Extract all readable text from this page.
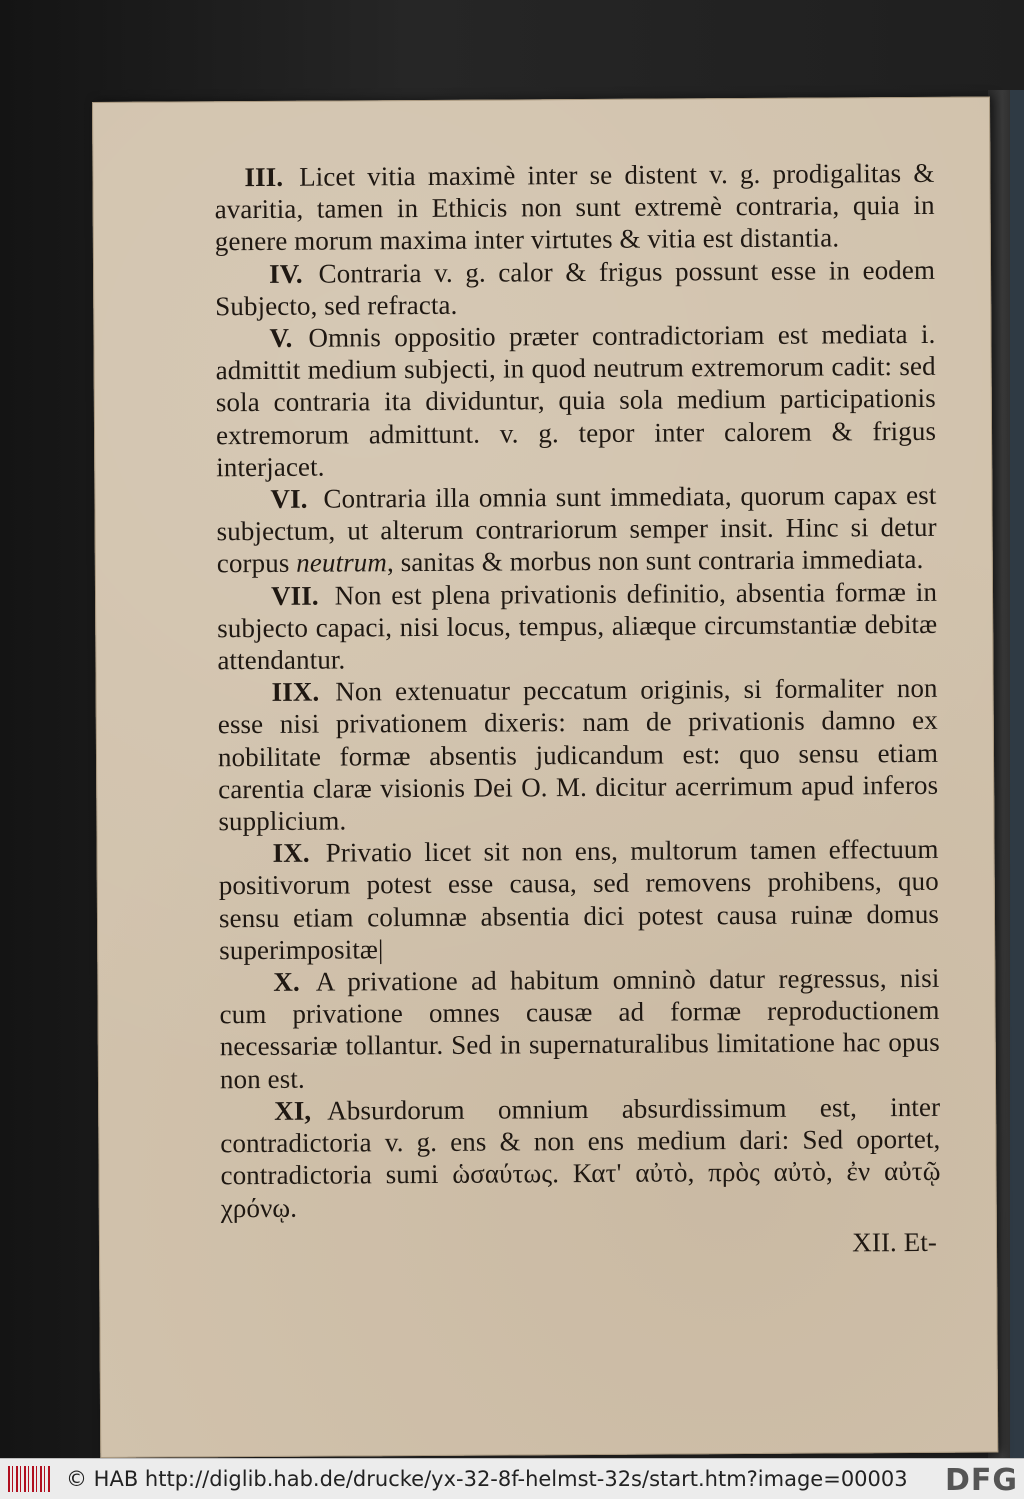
III. Licet vitia maximè inter se distent v. g. prodigalitas & avaritia, tamen in Ethicis non sunt extremè contraria, quia in genere morum maxima inter virtutes & vitia est distantia.

IV. Contraria v. g. calor & frigus possunt esse in eodem Subjecto, sed refracta.

V. Omnis oppositio præter contradictoriam est mediata i. admittit medium subjecti, in quod neutrum extremorum cadit: sed sola contraria ita dividuntur, quia sola medium participationis extremorum admittunt. v. g. tepor inter calorem & frigus interjacet.

VI. Contraria illa omnia sunt immediata, quorum capax est subjectum, ut alterum contrariorum semper insit. Hinc si detur corpus neutrum, sanitas & morbus non sunt contraria immediata.

VII. Non est plena privationis definitio, absentia formæ in subjecto capaci, nisi locus, tempus, aliæque circumstantiæ debitæ attendantur.

IIX. Non extenuatur peccatum originis, si formaliter non esse nisi privationem dixeris: nam de privationis damno ex nobilitate formæ absentis judicandum est: quo sensu etiam carentia claræ visionis Dei O. M. dicitur acerrimum apud inferos supplicium.

IX. Privatio licet sit non ens, multorum tamen effectuum positivorum potest esse causa, sed removens prohibens, quo sensu etiam columnæ absentia dici potest causa ruinæ domus superimpositæ|

X. A privatione ad habitum omninò datur regressus, nisi cum privatione omnes causæ ad formæ reproductionem necessariæ tollantur. Sed in supernaturalibus limitatione hac opus non est.

XI, Absurdorum omnium absurdissimum est, inter contradictoria v. g. ens & non ens medium dari: Sed oportet, contradictoria sumi ὡσαύτως. Κατ' αὐτὸ, πρὸς αὐτὸ, ἐν αὐτῷ χρόνῳ.

XII. Et-
© HAB http://diglib.hab.de/drucke/yx-32-8f-helmst-32s/start.htm?image=00003	DFG
